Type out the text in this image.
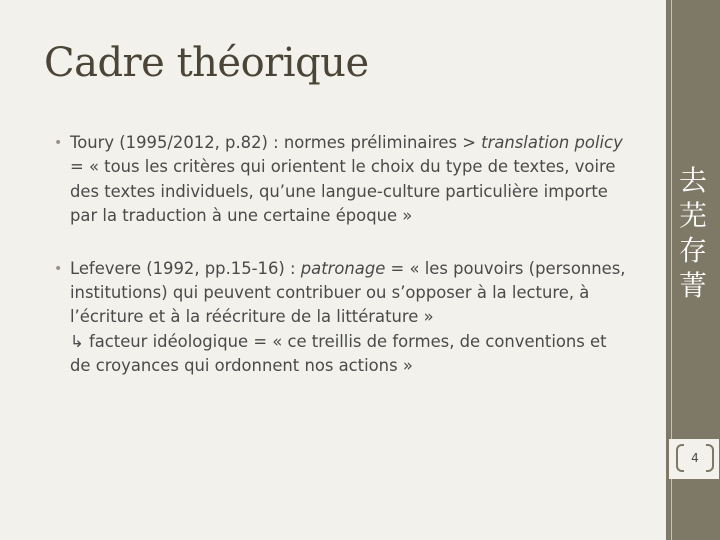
Cadre théorique
• Toury (1995/2012, p.82) : normes préliminaires > translation policy = « tous les critères qui orientent le choix du type de textes, voire des textes individuels, qu’une langue-culture particulière importe par la traduction à une certaine époque »
• Lefevere (1992, pp.15-16) : patronage = « les pouvoirs (personnes, institutions) qui peuvent contribuer ou s’opposer à la lecture, à l’écriture et à la réécriture de la littérature »
↳ facteur idéologique = « ce treillis de formes, de conventions et de croyances qui ordonnent nos actions »
去
芜
存
菁
4
